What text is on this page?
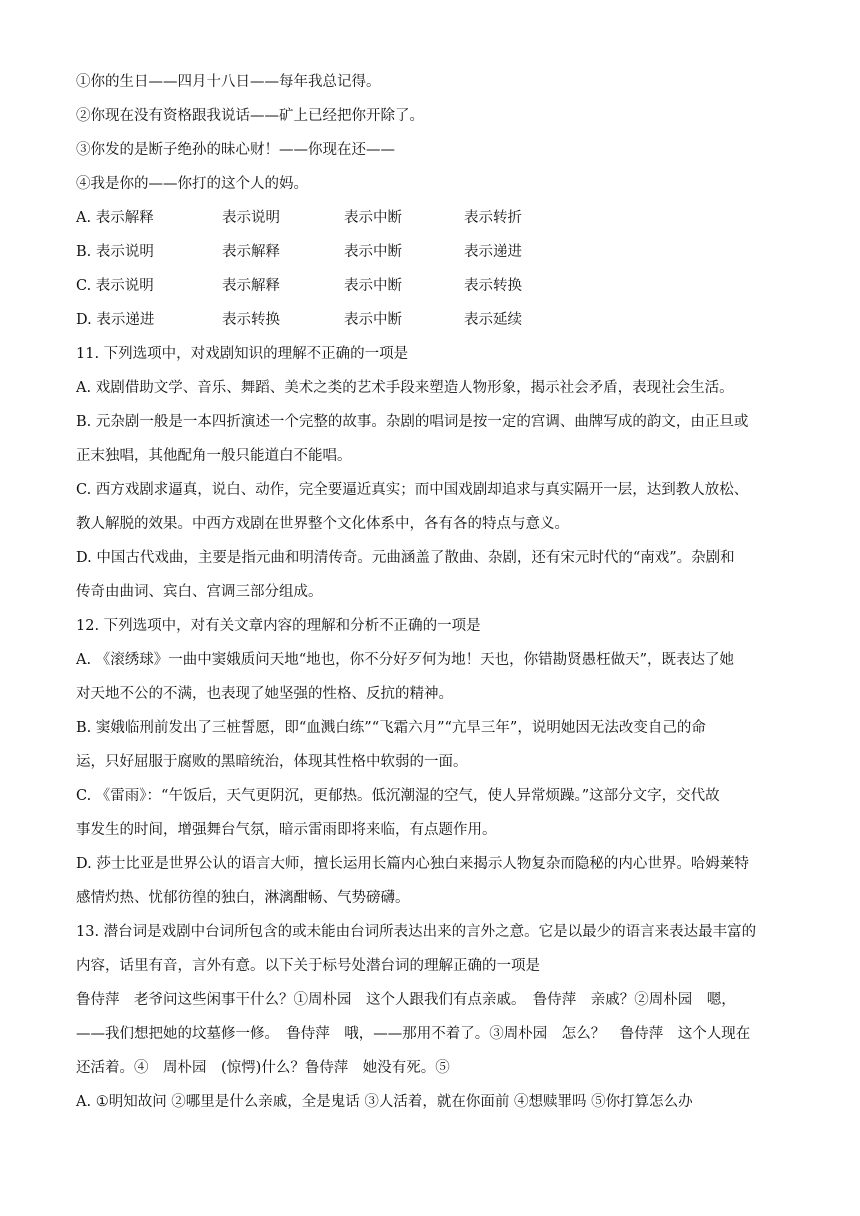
①你的生日——四月十八日——每年我总记得。
②你现在没有资格跟我说话——矿上已经把你开除了。
③你发的是断子绝孙的昧心财！——你现在还——
④我是你的——你打的这个人的妈。
A. 表示解释	表示说明	表示中断	表示转折
B. 表示说明	表示解释	表示中断	表示递进
C. 表示说明	表示解释	表示中断	表示转换
D. 表示递进	表示转换	表示中断	表示延续
11. 下列选项中，对戏剧知识的理解不正确的一项是
A. 戏剧借助文学、音乐、舞蹈、美术之类的艺术手段来塑造人物形象，揭示社会矛盾，表现社会生活。
B. 元杂剧一般是一本四折演述一个完整的故事。杂剧的唱词是按一定的宫调、曲牌写成的韵文，由正旦或
正末独唱，其他配角一般只能道白不能唱。
C. 西方戏剧求逼真，说白、动作，完全要逼近真实；而中国戏剧却追求与真实隔开一层，达到教人放松、
教人解脱的效果。中西方戏剧在世界整个文化体系中，各有各的特点与意义。
D. 中国古代戏曲，主要是指元曲和明清传奇。元曲涵盖了散曲、杂剧，还有宋元时代的“南戏”。杂剧和
传奇由曲词、宾白、宫调三部分组成。
12. 下列选项中，对有关文章内容的理解和分析不正确的一项是
A. 《滚绣球》一曲中窦娥质问天地“地也，你不分好歹何为地！天也，你错勘贤愚枉做天”，既表达了她
对天地不公的不满，也表现了她坚强的性格、反抗的精神。
B. 窦娥临刑前发出了三桩誓愿，即“血溅白练”“飞霜六月”“亢旱三年”，说明她因无法改变自己的命
运，只好屈服于腐败的黑暗统治，体现其性格中软弱的一面。
C. 《雷雨》：“午饭后，天气更阴沉，更郁热。低沉潮湿的空气，使人异常烦躁。”这部分文字，交代故
事发生的时间，增强舞台气氛，暗示雷雨即将来临，有点题作用。
D. 莎士比亚是世界公认的语言大师，擅长运用长篇内心独白来揭示人物复杂而隐秘的内心世界。哈姆莱特
感情灼热、忧郁彷徨的独白，淋漓酣畅、气势磅礴。
13. 潜台词是戏剧中台词所包含的或未能由台词所表达出来的言外之意。它是以最少的语言来表达最丰富的
内容，话里有音，言外有意。以下关于标号处潜台词的理解正确的一项是
鲁侍萍　老爷问这些闲事干什么？①周朴园　这个人跟我们有点亲戚。　鲁侍萍　亲戚？②周朴园　嗯，
——我们想把她的坟墓修一修。　鲁侍萍　哦，——那用不着了。③周朴园　怎么？　鲁侍萍　这个人现在
还活着。④　周朴园　(惊愕)什么？鲁侍萍　她没有死。⑤
A. ①明知故问 ②哪里是什么亲戚，全是鬼话 ③人活着，就在你面前 ④想赎罪吗 ⑤你打算怎么办
